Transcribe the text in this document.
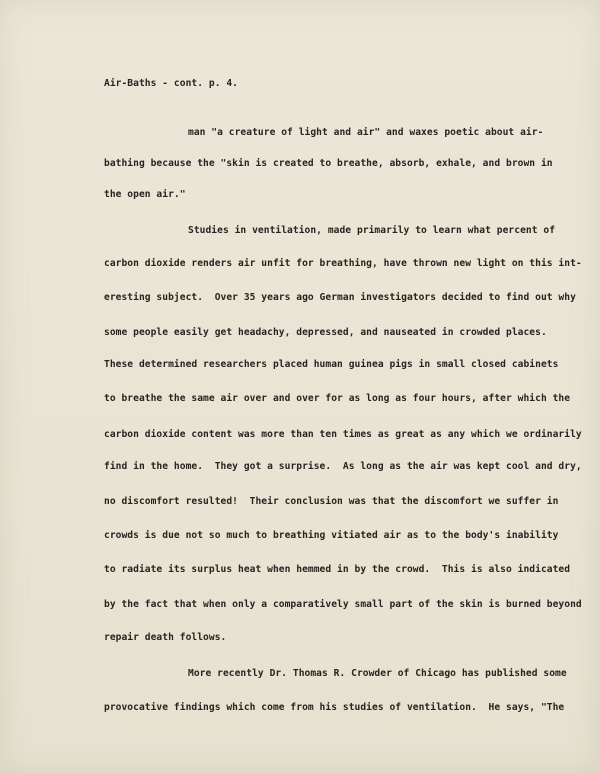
Air-Baths - cont. p. 4.
man "a creature of light and air" and waxes poetic about air-
bathing because the "skin is created to breathe, absorb, exhale, and brown in
the open air."
Studies in ventilation, made primarily to learn what percent of
carbon dioxide renders air unfit for breathing, have thrown new light on this int-
eresting subject.  Over 35 years ago German investigators decided to find out why
some people easily get headachy, depressed, and nauseated in crowded places.
These determined researchers placed human guinea pigs in small closed cabinets
to breathe the same air over and over for as long as four hours, after which the
carbon dioxide content was more than ten times as great as any which we ordinarily
find in the home.  They got a surprise.  As long as the air was kept cool and dry,
no discomfort resulted!  Their conclusion was that the discomfort we suffer in
crowds is due not so much to breathing vitiated air as to the body's inability
to radiate its surplus heat when hemmed in by the crowd.  This is also indicated
by the fact that when only a comparatively small part of the skin is burned beyond
repair death follows.
More recently Dr. Thomas R. Crowder of Chicago has published some
provocative findings which come from his studies of ventilation.  He says, "The
